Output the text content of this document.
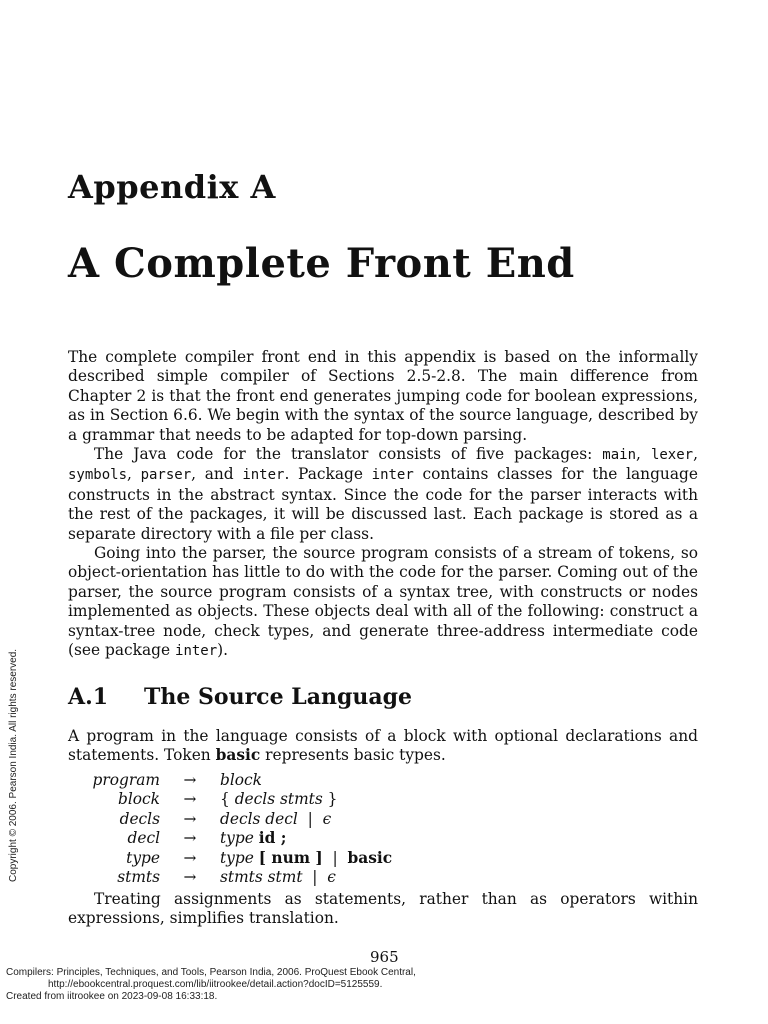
Appendix A
A Complete Front End

The complete compiler front end in this appendix is based on the informally described simple compiler of Sections 2.5-2.8. The main difference from Chapter 2 is that the front end generates jumping code for boolean expressions, as in Section 6.6. We begin with the syntax of the source language, described by a grammar that needs to be adapted for top-down parsing.

The Java code for the translator consists of five packages: main, lexer, symbols, parser, and inter. Package inter contains classes for the language constructs in the abstract syntax. Since the code for the parser interacts with the rest of the packages, it will be discussed last. Each package is stored as a separate directory with a file per class.

Going into the parser, the source program consists of a stream of tokens, so object-orientation has little to do with the code for the parser. Coming out of the parser, the source program consists of a syntax tree, with constructs or nodes implemented as objects. These objects deal with all of the following: construct a syntax-tree node, check types, and generate three-address intermediate code (see package inter).

A.1 The Source Language

A program in the language consists of a block with optional declarations and statements. Token basic represents basic types.

program	→	block
block	→	{ decls stmts }
decls	→	decls decl  |  ϵ
decl	→	type id ;
type	→	type [ num ]  |  basic
stmts	→	stmts stmt  |  ϵ

Treating assignments as statements, rather than as operators within expressions, simplifies translation.

965
Compilers: Principles, Techniques, and Tools, Pearson India, 2006. ProQuest Ebook Central,
http://ebookcentral.proquest.com/lib/iitrookee/detail.action?docID=5125559.
Created from iitrookee on 2023-09-08 16:33:18.
Copyright © 2006. Pearson India. All rights reserved.
